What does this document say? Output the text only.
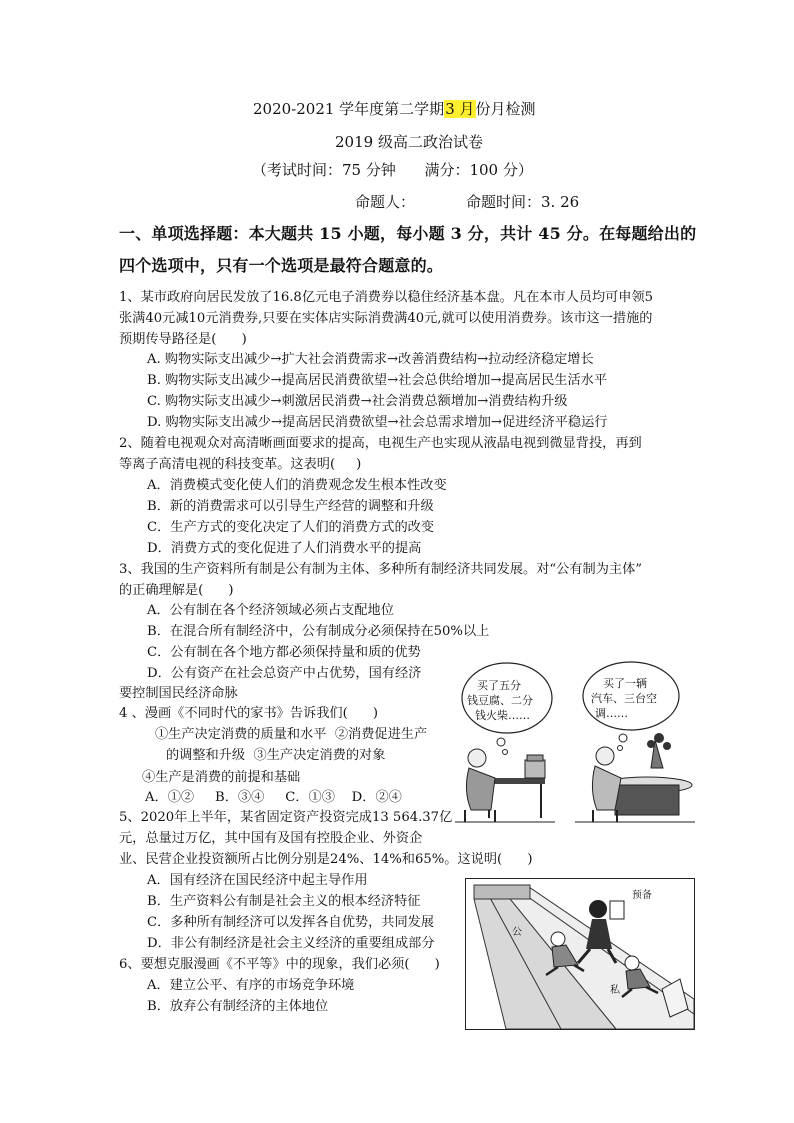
2020-2021 学年度第二学期3 月份月检测
2019 级高二政治试卷
（考试时间：75 分钟      满分：100 分）
命题人：	命题时间：3. 26
一、单项选择题：本大题共 15 小题，每小题 3 分，共计 45 分。在每题给出的
四个选项中，只有一个选项是最符合题意的。
1、某市政府向居民发放了16.8亿元电子消费券以稳住经济基本盘。凡在本市人员均可申领5
张满40元减10元消费券,只要在实体店实际消费满40元,就可以使用消费券。该市这一措施的
预期传导路径是(      )
A. 购物实际支出减少→扩大社会消费需求→改善消费结构→拉动经济稳定增长
B. 购物实际支出减少→提高居民消费欲望→社会总供给增加→提高居民生活水平
C. 购物实际支出减少→刺激居民消费→社会消费总额增加→消费结构升级
D. 购物实际支出减少→提高居民消费欲望→社会总需求增加→促进经济平稳运行
2、随着电视观众对高清晰画面要求的提高，电视生产也实现从液晶电视到微显背投，再到
等离子高清电视的科技变革。这表明(     )
A．消费模式变化使人们的消费观念发生根本性改变
B．新的消费需求可以引导生产经营的调整和升级
C．生产方式的变化决定了人们的消费方式的改变
D．消费方式的变化促进了人们消费水平的提高
3、我国的生产资料所有制是公有制为主体、多种所有制经济共同发展。对“公有制为主体”
的正确理解是(      )
A．公有制在各个经济领域必须占支配地位
B．在混合所有制经济中，公有制成分必须保持在50%以上
C．公有制在各个地方都必须保持量和质的优势
D．公有资产在社会总资产中占优势，国有经济
要控制国民经济命脉
4 、漫画《不同时代的家书》告诉我们(      )
①生产决定消费的质量和水平  ②消费促进生产
的调整和升级  ③生产决定消费的对象
④生产是消费的前提和基础
A．①②     B．③④     C．①③    D．②④
买了五分
钱豆腐、二分
钱火柴……
买了一辆
汽车、三台空
调……
5、2020年上半年，某省固定资产投资完成13 564.37亿
元，总量过万亿，其中国有及国有控股企业、外资企
业、民营企业投资额所占比例分别是24%、14%和65%。这说明(      )
A．国有经济在国民经济中起主导作用
B．生产资料公有制是社会主义的根本经济特征
C．多种所有制经济可以发挥各自优势，共同发展
D．非公有制经济是社会主义经济的重要组成部分
6、要想克服漫画《不平等》中的现象，我们必须(      )
A．建立公平、有序的市场竞争环境
B．放弃公有制经济的主体地位
预备
公
私
